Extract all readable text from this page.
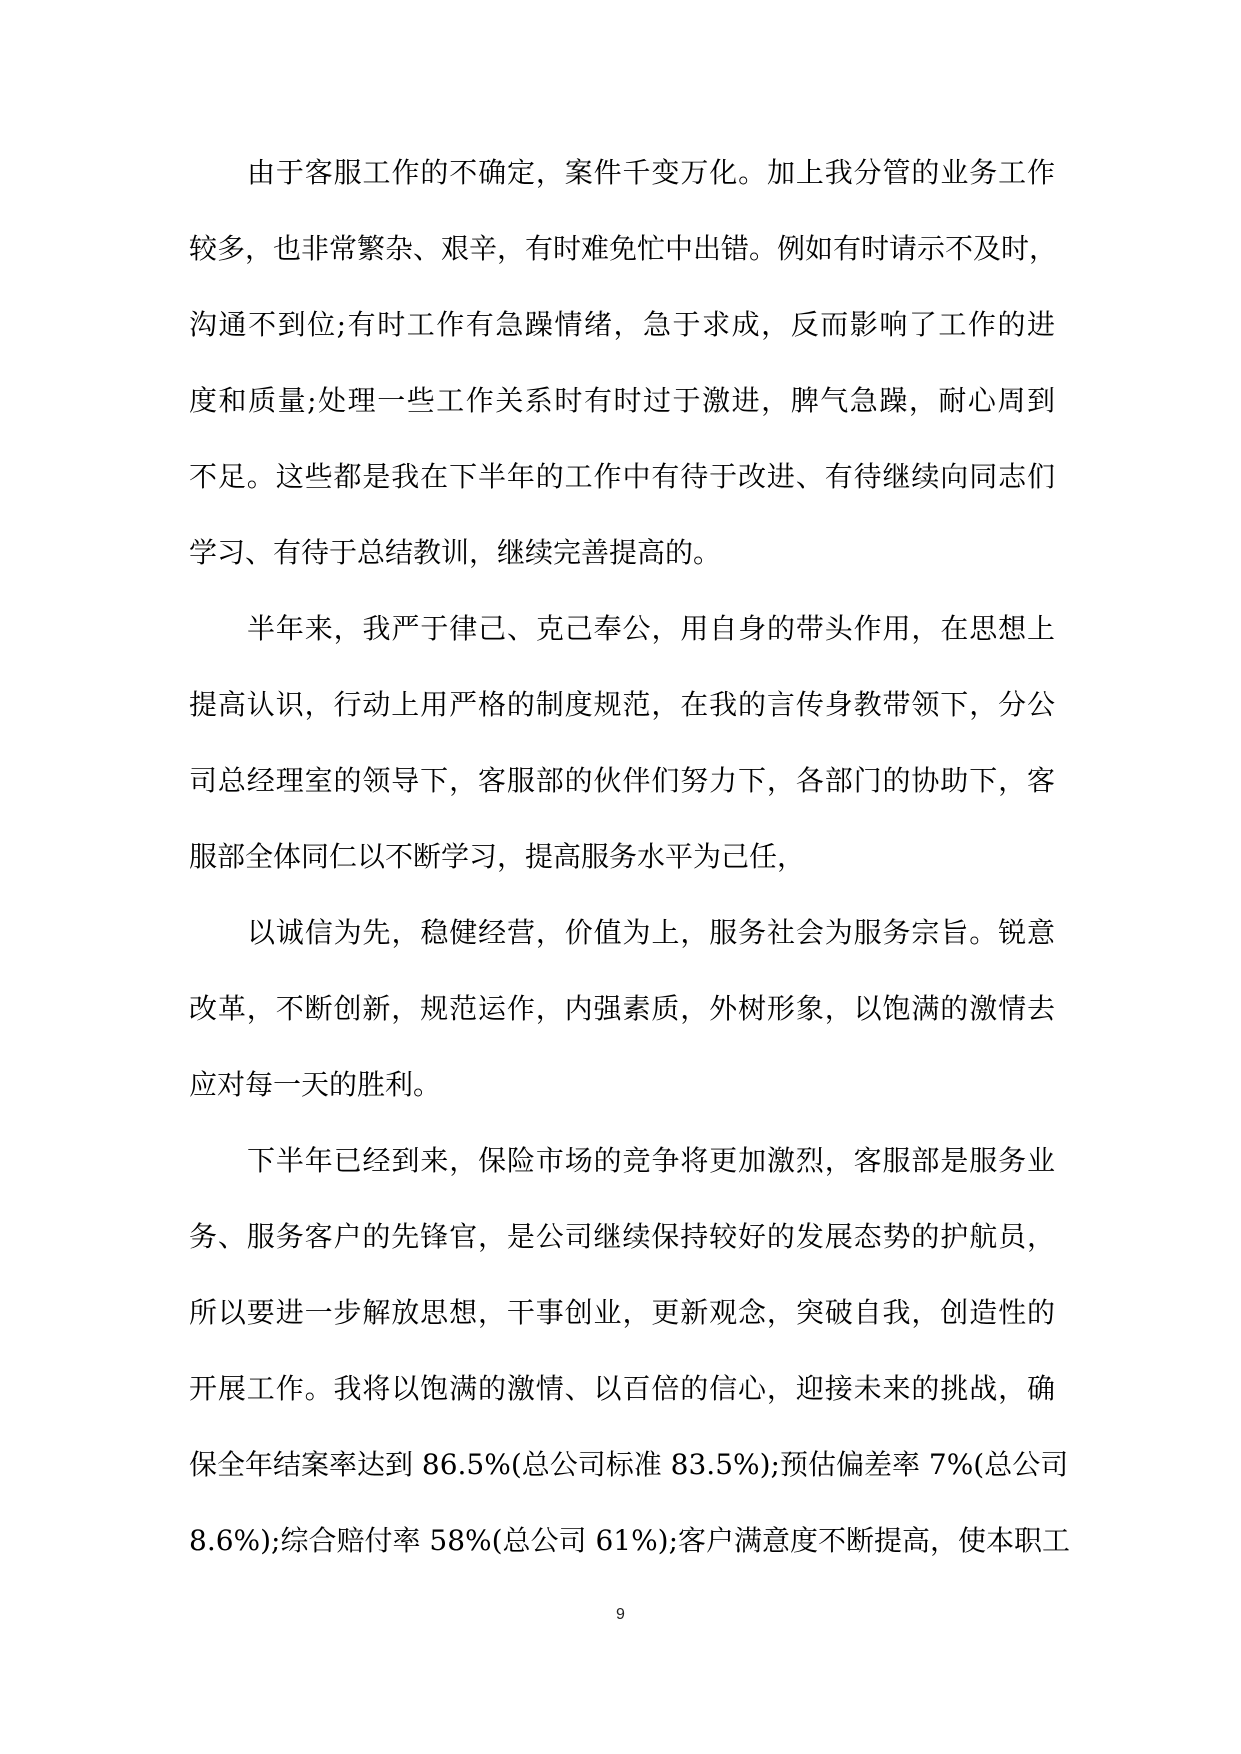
由于客服工作的不确定，案件千变万化。加上我分管的业务工作
较多，也非常繁杂、艰辛，有时难免忙中出错。例如有时请示不及时，
沟通不到位;有时工作有急躁情绪，急于求成，反而影响了工作的进
度和质量;处理一些工作关系时有时过于激进，脾气急躁，耐心周到
不足。这些都是我在下半年的工作中有待于改进、有待继续向同志们
学习、有待于总结教训，继续完善提高的。
半年来，我严于律己、克己奉公，用自身的带头作用，在思想上
提高认识，行动上用严格的制度规范，在我的言传身教带领下，分公
司总经理室的领导下，客服部的伙伴们努力下，各部门的协助下，客
服部全体同仁以不断学习，提高服务水平为己任，
以诚信为先，稳健经营，价值为上，服务社会为服务宗旨。锐意
改革，不断创新，规范运作，内强素质，外树形象，以饱满的激情去
应对每一天的胜利。
下半年已经到来，保险市场的竞争将更加激烈，客服部是服务业
务、服务客户的先锋官，是公司继续保持较好的发展态势的护航员，
所以要进一步解放思想，干事创业，更新观念，突破自我，创造性的
开展工作。我将以饱满的激情、以百倍的信心，迎接未来的挑战，确
保全年结案率达到 86.5%(总公司标准 83.5%);预估偏差率 7%(总公司
8.6%);综合赔付率 58%(总公司 61%);客户满意度不断提高，使本职工
9
